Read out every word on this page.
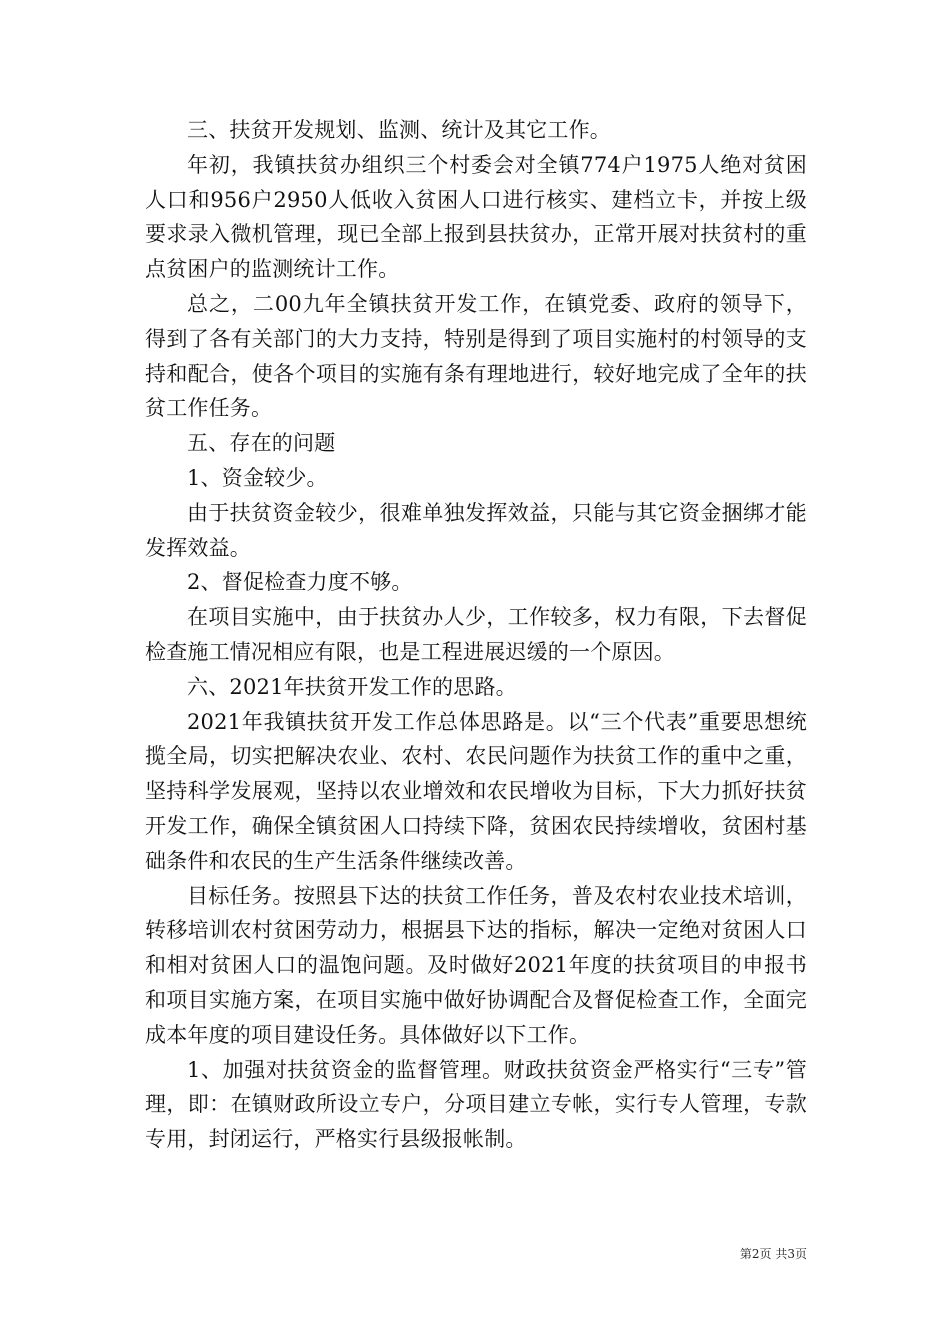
三、扶贫开发规划、监测、统计及其它工作。

年初，我镇扶贫办组织三个村委会对全镇774户1975人绝对贫困人口和956户2950人低收入贫困人口进行核实、建档立卡，并按上级要求录入微机管理，现已全部上报到县扶贫办，正常开展对扶贫村的重点贫困户的监测统计工作。

总之，二00九年全镇扶贫开发工作，在镇党委、政府的领导下，得到了各有关部门的大力支持，特别是得到了项目实施村的村领导的支持和配合，使各个项目的实施有条有理地进行，较好地完成了全年的扶贫工作任务。

五、存在的问题

1、资金较少。

由于扶贫资金较少，很难单独发挥效益，只能与其它资金捆绑才能发挥效益。

2、督促检查力度不够。

在项目实施中，由于扶贫办人少，工作较多，权力有限，下去督促检查施工情况相应有限，也是工程进展迟缓的一个原因。

六、2021年扶贫开发工作的思路。

2021年我镇扶贫开发工作总体思路是。以“三个代表”重要思想统揽全局，切实把解决农业、农村、农民问题作为扶贫工作的重中之重，坚持科学发展观，坚持以农业增效和农民增收为目标，下大力抓好扶贫开发工作，确保全镇贫困人口持续下降，贫困农民持续增收，贫困村基础条件和农民的生产生活条件继续改善。

目标任务。按照县下达的扶贫工作任务，普及农村农业技术培训，转移培训农村贫困劳动力，根据县下达的指标，解决一定绝对贫困人口和相对贫困人口的温饱问题。及时做好2021年度的扶贫项目的申报书和项目实施方案，在项目实施中做好协调配合及督促检查工作，全面完成本年度的项目建设任务。具体做好以下工作。

1、加强对扶贫资金的监督管理。财政扶贫资金严格实行“三专”管理，即：在镇财政所设立专户，分项目建立专帐，实行专人管理，专款专用，封闭运行，严格实行县级报帐制。

第2页 共3页
